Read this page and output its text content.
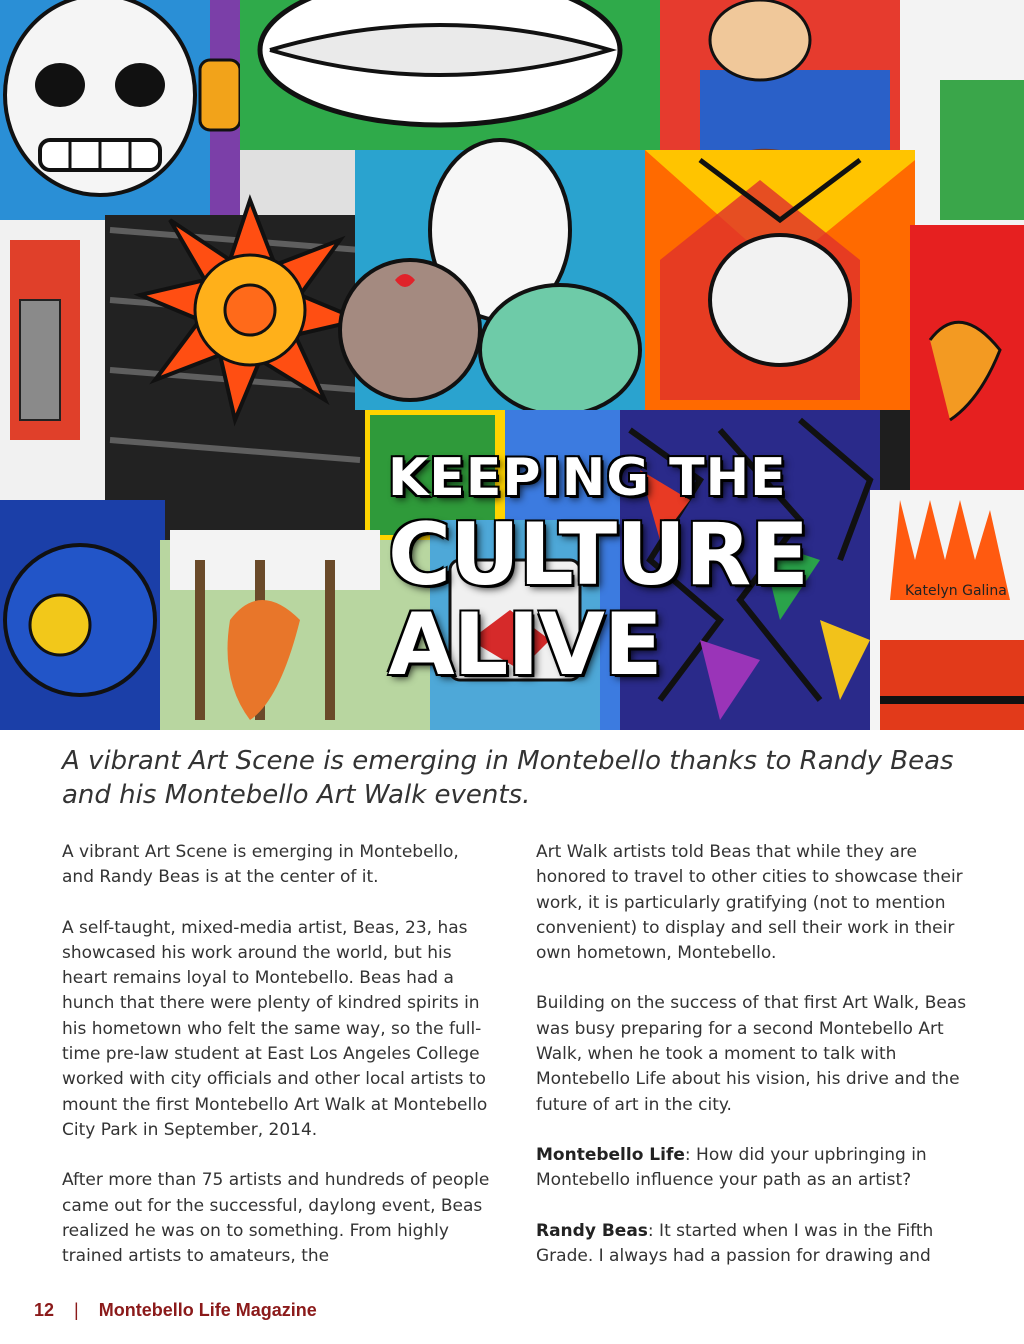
Katelyn Galina
KEEPING THE
CULTURE
ALIVE
A vibrant Art Scene is emerging in Montebello thanks to Randy Beas
and his Montebello Art Walk events.

A vibrant Art Scene is emerging in Montebello, and Randy Beas is at the center of it.

A self-taught, mixed-media artist, Beas, 23, has showcased his work around the world, but his heart remains loyal to Montebello. Beas had a hunch that there were plenty of kindred spirits in his hometown who felt the same way, so the full-time pre-law student at East Los Angeles College worked with city officials and other local artists to mount the first Montebello Art Walk at Montebello City Park in September, 2014.

After more than 75 artists and hundreds of people came out for the successful, daylong event, Beas realized he was on to something. From highly trained artists to amateurs, the

Art Walk artists told Beas that while they are honored to travel to other cities to showcase their work, it is particularly gratifying (not to mention convenient) to display and sell their work in their own hometown, Montebello.

Building on the success of that first Art Walk, Beas was busy preparing for a second Montebello Art Walk, when he took a moment to talk with Montebello Life about his vision, his drive and the future of art in the city.

Montebello Life: How did your upbringing in Montebello influence your path as an artist?

Randy Beas: It started when I was in the Fifth Grade. I always had a passion for drawing and

12 | Montebello Life Magazine
